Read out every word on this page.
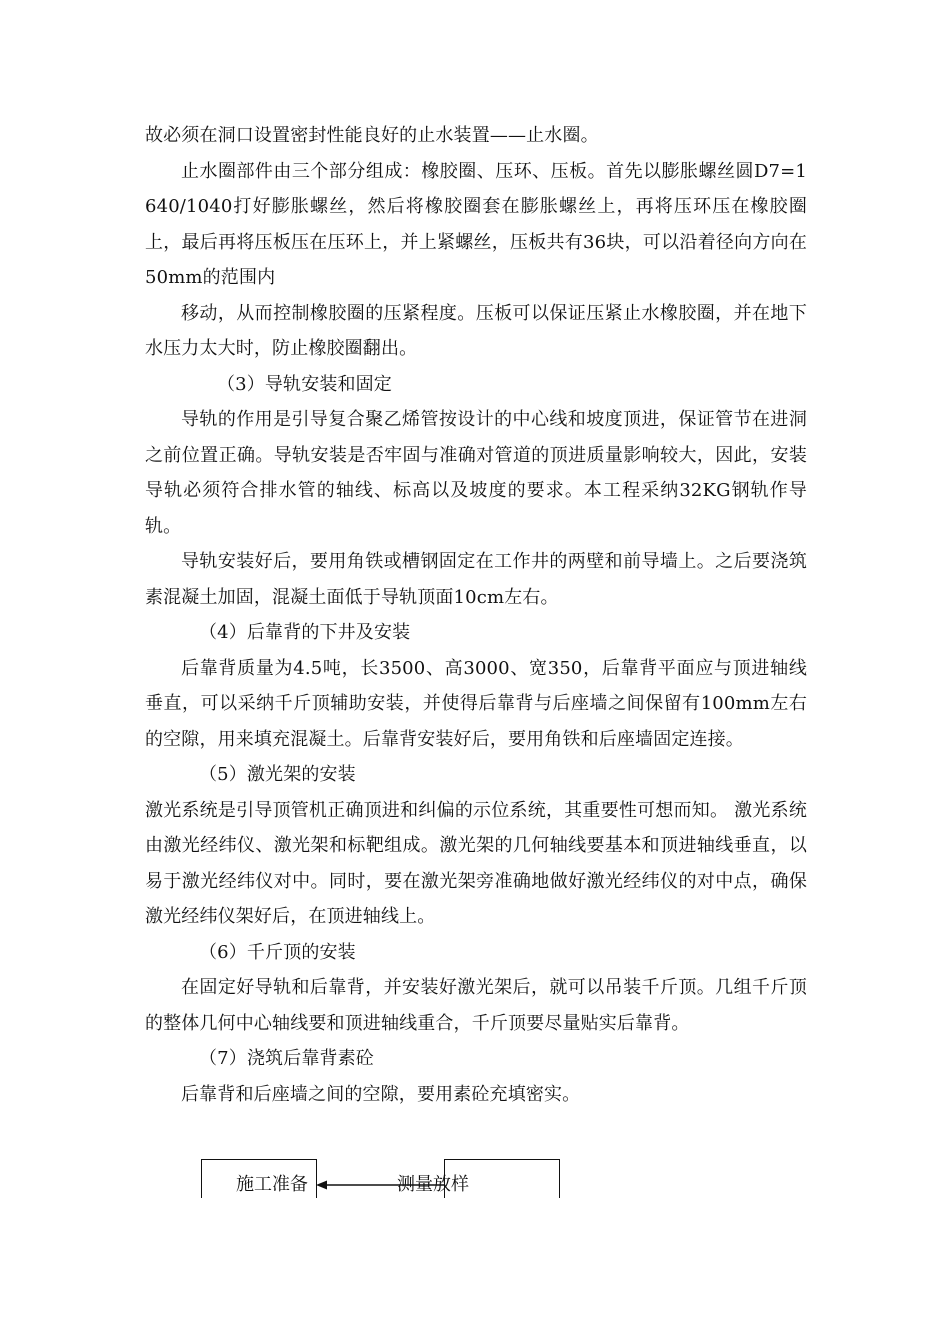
故必须在洞口设置密封性能良好的止水装置——止水圈。

止水圈部件由三个部分组成：橡胶圈、压环、压板。首先以膨胀螺丝圆D7=1640/1040打好膨胀螺丝，然后将橡胶圈套在膨胀螺丝上，再将压环压在橡胶圈上，最后再将压板压在压环上，并上紧螺丝，压板共有36块，可以沿着径向方向在50mm的范围内

移动，从而控制橡胶圈的压紧程度。压板可以保证压紧止水橡胶圈，并在地下水压力太大时，防止橡胶圈翻出。

（3）导轨安装和固定

导轨的作用是引导复合聚乙烯管按设计的中心线和坡度顶进，保证管节在进洞之前位置正确。导轨安装是否牢固与准确对管道的顶进质量影响较大，因此，安装导轨必须符合排水管的轴线、标高以及坡度的要求。本工程采纳32KG钢轨作导轨。

导轨安装好后，要用角铁或槽钢固定在工作井的两壁和前导墙上。之后要浇筑素混凝土加固，混凝土面低于导轨顶面10cm左右。

（4）后靠背的下井及安装

后靠背质量为4.5吨，长3500、高3000、宽350，后靠背平面应与顶进轴线垂直，可以采纳千斤顶辅助安装，并使得后靠背与后座墙之间保留有100mm左右的空隙，用来填充混凝土。后靠背安装好后，要用角铁和后座墙固定连接。

（5）激光架的安装

激光系统是引导顶管机正确顶进和纠偏的示位系统，其重要性可想而知。 激光系统由激光经纬仪、激光架和标靶组成。激光架的几何轴线要基本和顶进轴线垂直，以易于激光经纬仪对中。同时，要在激光架旁准确地做好激光经纬仪的对中点，确保激光经纬仪架好后，在顶进轴线上。

（6）千斤顶的安装

在固定好导轨和后靠背，并安装好激光架后，就可以吊装千斤顶。几组千斤顶的整体几何中心轴线要和顶进轴线重合，千斤顶要尽量贴实后靠背。

（7）浇筑后靠背素砼

后靠背和后座墙之间的空隙，要用素砼充填密实。

施工准备	测量放样
